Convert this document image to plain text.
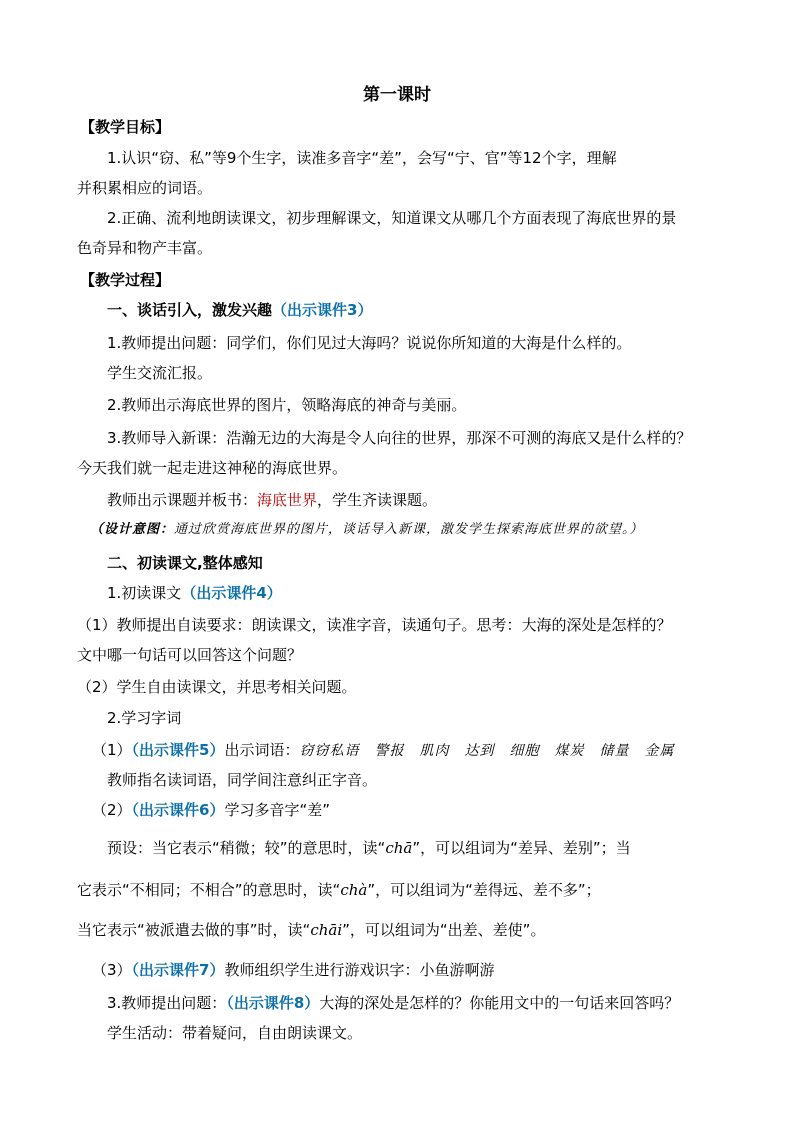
第一课时
【教学目标】
1.认识“窃、私”等9个生字，读准多音字“差”，会写“宁、官”等12个字，理解
并积累相应的词语。
2.正确、流利地朗读课文，初步理解课文，知道课文从哪几个方面表现了海底世界的景
色奇异和物产丰富。
【教学过程】
一、谈话引入，激发兴趣（出示课件3）
1.教师提出问题：同学们，你们见过大海吗？说说你所知道的大海是什么样的。
学生交流汇报。
2.教师出示海底世界的图片，领略海底的神奇与美丽。
3.教师导入新课：浩瀚无边的大海是令人向往的世界，那深不可测的海底又是什么样的？
今天我们就一起走进这神秘的海底世界。
教师出示课题并板书：海底世界，学生齐读课题。
（设计意图：通过欣赏海底世界的图片，谈话导入新课，激发学生探索海底世界的欲望。）
二、初读课文,整体感知
1.初读课文（出示课件4）
（1）教师提出自读要求：朗读课文，读准字音，读通句子。思考：大海的深处是怎样的？
文中哪一句话可以回答这个问题？
（2）学生自由读课文，并思考相关问题。
2.学习字词
（1）（出示课件5）出示词语：窃窃私语　警报　肌肉　达到　细胞　煤炭　储量　金属
教师指名读词语，同学间注意纠正字音。
（2）（出示课件6）学习多音字“差”
预设：当它表示“稍微；较”的意思时，读“chā”，可以组词为“差异、差别”；当
它表示“不相同；不相合”的意思时，读“chà”，可以组词为“差得远、差不多”；
当它表示“被派遣去做的事”时，读“chāi”，可以组词为“出差、差使”。
（3）（出示课件7）教师组织学生进行游戏识字：小鱼游啊游
3.教师提出问题：（出示课件8）大海的深处是怎样的？你能用文中的一句话来回答吗？
学生活动：带着疑问，自由朗读课文。
